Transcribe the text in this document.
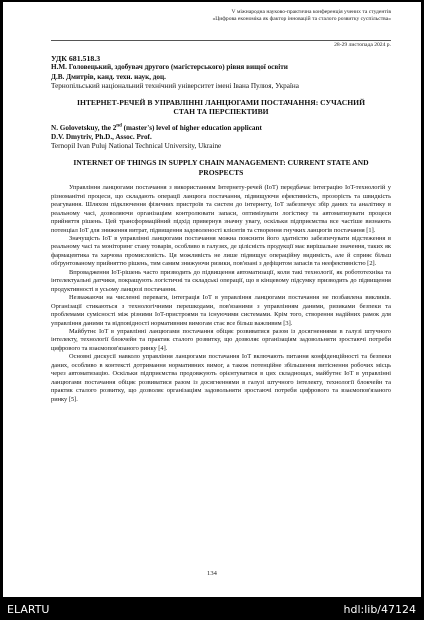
V міжнародна науково-практична конференція учених та студентів
«Цифрова економіка як фактор інновацій та сталого розвитку суспільства»
28-29 листопада 2024 р.
УДК 681.518.3
Н.М. Головецький, здобувач другого (магістерського) рівня вищої освіти
Д.В. Дмитрів, канд. техн. наук, доц.
Тернопільський національний технічний університет імені Івана Пулюя, Україна
ІНТЕРНЕТ-РЕЧЕЙ В УПРАВЛІННІ ЛАНЦЮГАМИ ПОСТАЧАННЯ: СУЧАСНИЙ СТАН ТА ПЕРСПЕКТИВИ
N. Golovetskuy, the 2nd (master's) level of higher education applicant
D.V. Dmytriv, Ph.D., Assoc. Prof.
Ternopil Ivan Puluj National Technical University, Ukraine
INTERNET OF THINGS IN SUPPLY CHAIN MANAGEMENT: CURRENT STATE AND PROSPECTS

Управління ланцюгами постачання з використанням Інтернету-речей (IoT) передбачає інтеграцію IoT-технологій у різноманітні процеси, що складають операції ланцюга постачання, підвищуючи ефективність, прозорість та швидкість реагування. Шляхом підключення фізичних пристроїв та систем до інтернету, IoT забезпечує збір даних та аналітику в реальному часі, дозволяючи організаціям контролювати запаси, оптимізувати логістику та автоматизувати процеси прийняття рішень. Цей трансформаційний підхід привернув значну увагу, оскільки підприємства все частіше визнають потенціал IoT для зниження витрат, підвищення задоволеності клієнтів та створення гнучких ланцюгів постачання [1].

Значущість IoT в управлінні ланцюгами постачання можна пояснити його здатністю забезпечувати відстеження в реальному часі та моніторинг стану товарів, особливо в галузях, де цілісність продукції має вирішальне значення, таких як фармацевтика та харчова промисловість. Ця можливість не лише підвищує операційну видимість, але й сприяє більш обґрунтованому прийняттю рішень, тим самим знижуючи ризики, пов'язані з дефіцитом запасів та неефективністю [2].

Впровадження IoT-рішень часто призводить до підвищення автоматизації, коли такі технології, як робототехніка та інтелектуальні датчики, покращують логістичні та складські операції, що в кінцевому підсумку призводить до підвищення продуктивності в усьому ланцюзі постачання.

Незважаючи на численні переваги, інтеграція IoT в управління ланцюгами постачання не позбавлена викликів. Організації стикаються з технологічними перешкодами, пов'язаними з управлінням даними, ризиками безпеки та проблемами сумісності між різними IoT-пристроями та існуючими системами. Крім того, створення надійних рамок для управління даними та відповідності нормативним вимогам стає все більш важливим [3].

Майбутнє IoT в управлінні ланцюгами постачання обіцяє розвиватися разом із досягненнями в галузі штучного інтелекту, технології блокчейн та практик сталого розвитку, що дозволяє організаціям задовольняти зростаючі потреби цифрового та взаємопов'язаного ринку [4].

Основні дискусії навколо управління ланцюгами постачання IoT включають питання конфіденційності та безпеки даних, особливо в контексті дотримання нормативних вимог, а також потенційне збільшення витіснення робочих місць через автоматизацію. Оскільки підприємства продовжують орієнтуватися в цих складнощах, майбутнє IoT в управлінні ланцюгами постачання обіцяє розвиватися разом із досягненнями в галузі штучного інтелекту, технології блокчейн та практик сталого розвитку, що дозволяє організаціям задовольняти зростаючі потреби цифрового та взаємопов'язаного ринку [5].

134
ELARTU	hdl:lib/47124
